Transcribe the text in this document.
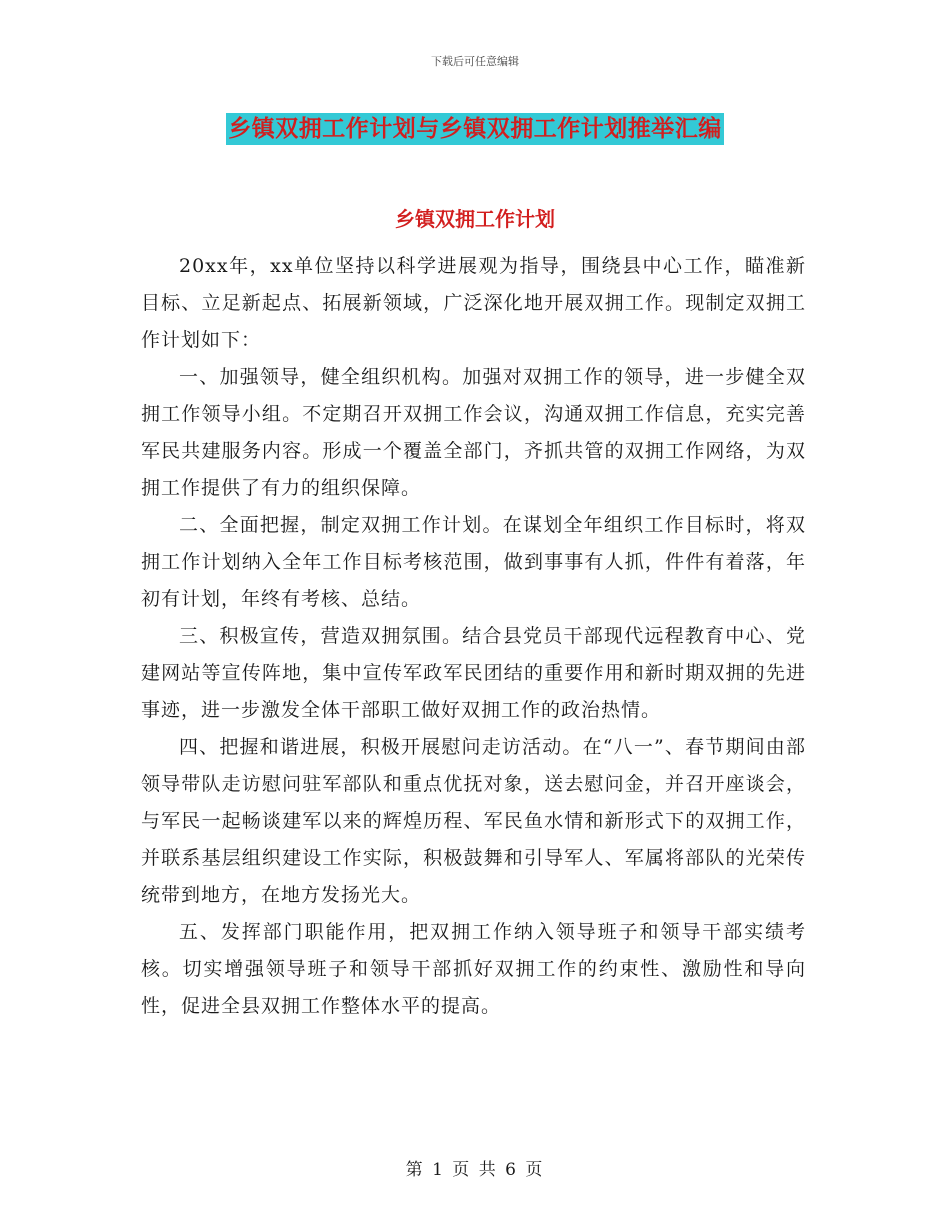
下载后可任意编辑
乡镇双拥工作计划与乡镇双拥工作计划推举汇编
乡镇双拥工作计划

20xx年，xx单位坚持以科学进展观为指导，围绕县中心工作，瞄准新目标、立足新起点、拓展新领域，广泛深化地开展双拥工作。现制定双拥工作计划如下：

一、加强领导，健全组织机构。加强对双拥工作的领导，进一步健全双拥工作领导小组。不定期召开双拥工作会议，沟通双拥工作信息，充实完善军民共建服务内容。形成一个覆盖全部门，齐抓共管的双拥工作网络，为双拥工作提供了有力的组织保障。

二、全面把握，制定双拥工作计划。在谋划全年组织工作目标时，将双拥工作计划纳入全年工作目标考核范围，做到事事有人抓，件件有着落，年初有计划，年终有考核、总结。

三、积极宣传，营造双拥氛围。结合县党员干部现代远程教育中心、党建网站等宣传阵地，集中宣传军政军民团结的重要作用和新时期双拥的先进事迹，进一步激发全体干部职工做好双拥工作的政治热情。

四、把握和谐进展，积极开展慰问走访活动。在“八一”、春节期间由部领导带队走访慰问驻军部队和重点优抚对象，送去慰问金，并召开座谈会，与军民一起畅谈建军以来的辉煌历程、军民鱼水情和新形式下的双拥工作，并联系基层组织建设工作实际，积极鼓舞和引导军人、军属将部队的光荣传统带到地方，在地方发扬光大。

五、发挥部门职能作用，把双拥工作纳入领导班子和领导干部实绩考核。切实增强领导班子和领导干部抓好双拥工作的约束性、激励性和导向性，促进全县双拥工作整体水平的提高。

第 1 页 共 6 页
